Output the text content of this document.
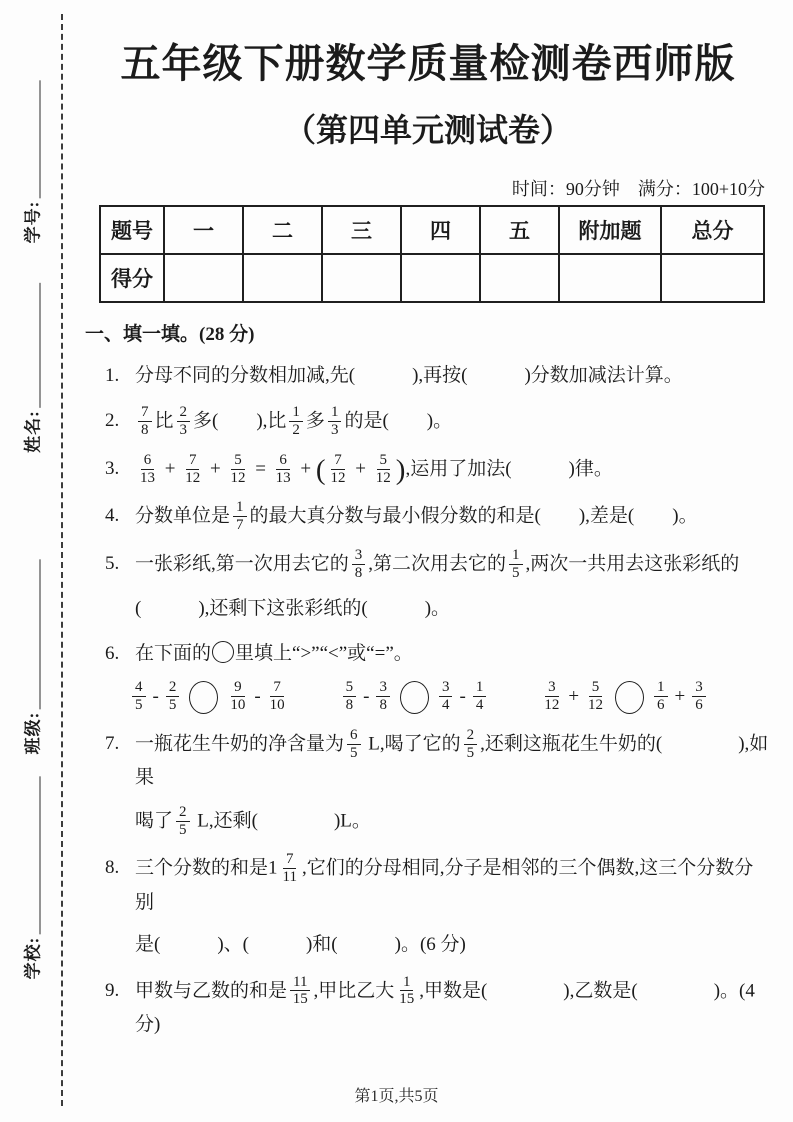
学号:
姓名:
班级:
学校:
五年级下册数学质量检测卷西师版
（第四单元测试卷）
时间：90分钟　满分：100+10分
题号	一	二	三	四	五	附加题	总分
得分							
一、填一填。(28 分)
1. 分母不同的分数相加减,先(　　　),再按(　　　)分数加减法计算。
2.	$\frac{7}{8}$ 比 $\frac{2}{3}$ 多(　　),比 $\frac{1}{2}$ 多 $\frac{1}{3}$ 的是(　　)。
3.	$\frac{6}{13} + \frac{7}{12} + \frac{5}{12} = \frac{6}{13}$ + ( $\frac{7}{12} + \frac{5}{12}$ ),运用了加法(　　　)律。
4. 分数单位是 $\frac{1}{7}$ 的最大真分数与最小假分数的和是(　　),差是(　　)。
5. 一张彩纸,第一次用去它的 $\frac{3}{8}$ ,第二次用去它的 $\frac{1}{5}$ ,两次一共用去这张彩纸的
(　　　),还剩下这张彩纸的(　　　)。
6. 在下面的 里填上“>”“<”或“=”。
$\frac{4}{5} - \frac{2}{5}$	$\frac{9}{10} - \frac{7}{10}$	$\frac{5}{8} - \frac{3}{8}$	$\frac{3}{4} - \frac{1}{4}$	$\frac{3}{12} + \frac{5}{12}$	$\frac{1}{6} + \frac{3}{6}$
7. 一瓶花生牛奶的净含量为 $\frac{6}{5} L$,喝了它的 $\frac{2}{5}$ ,还剩这瓶花生牛奶的(　　　　),如果
喝了 $\frac{2}{5} L$,还剩(　　　　)L。
8. 三个分数的和是$1 \frac{7}{11}$ ,它们的分母相同,分子是相邻的三个偶数,这三个分数分别
是(　　　)、(　　　)和(　　　)。(6 分)
9. 甲数与乙数的和是 $\frac{11}{15}$ ,甲比乙大 $\frac{1}{15}$ ,甲数是(　　　　),乙数是(　　　　)。(4 分)
第1页,共5页
